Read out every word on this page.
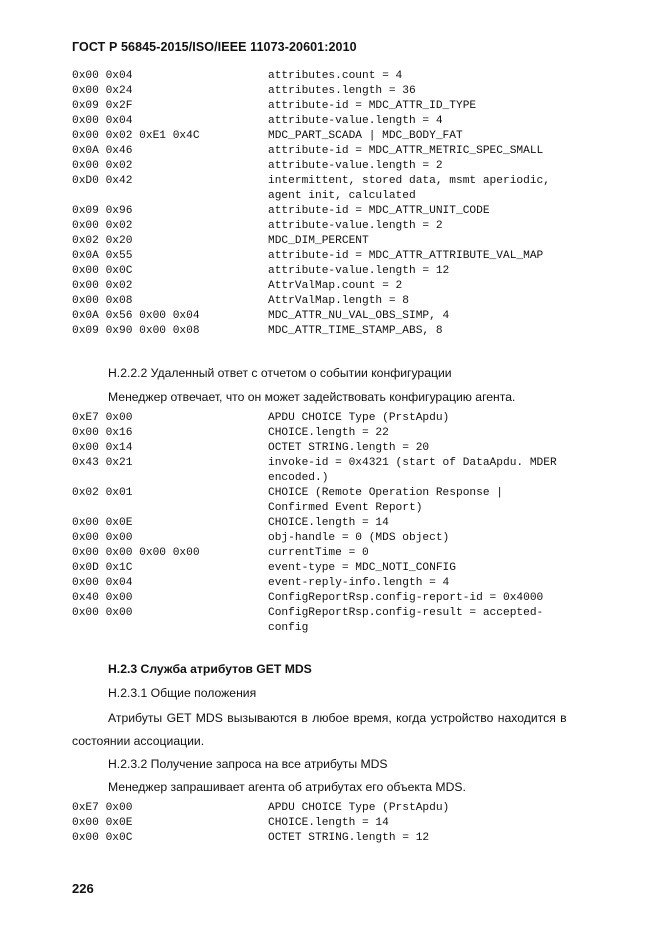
ГОСТ Р 56845-2015/ISO/IEEE 11073-20601:2010
0x00 0x04	attributes.count = 4
0x00 0x24	attributes.length = 36
0x09 0x2F	attribute-id = MDC_ATTR_ID_TYPE
0x00 0x04	attribute-value.length = 4
0x00 0x02 0xE1 0x4C	MDC_PART_SCADA | MDC_BODY_FAT
0x0A 0x46	attribute-id = MDC_ATTR_METRIC_SPEC_SMALL
0x00 0x02	attribute-value.length = 2
0xD0 0x42	intermittent, stored data, msmt aperiodic,
agent init, calculated
0x09 0x96	attribute-id = MDC_ATTR_UNIT_CODE
0x00 0x02	attribute-value.length = 2
0x02 0x20	MDC_DIM_PERCENT
0x0A 0x55	attribute-id = MDC_ATTR_ATTRIBUTE_VAL_MAP
0x00 0x0C	attribute-value.length = 12
0x00 0x02	AttrValMap.count = 2
0x00 0x08	AttrValMap.length = 8
0x0A 0x56 0x00 0x04	MDC_ATTR_NU_VAL_OBS_SIMP, 4
0x09 0x90 0x00 0x08	MDC_ATTR_TIME_STAMP_ABS, 8
H.2.2.2 Удаленный ответ с отчетом о событии конфигурации
Менеджер отвечает, что он может задействовать конфигурацию агента.
0xE7 0x00	APDU CHOICE Type (PrstApdu)
0x00 0x16	CHOICE.length = 22
0x00 0x14	OCTET STRING.length = 20
0x43 0x21	invoke-id = 0x4321 (start of DataApdu. MDER
encoded.)
0x02 0x01	CHOICE (Remote Operation Response |
Confirmed Event Report)
0x00 0x0E	CHOICE.length = 14
0x00 0x00	obj-handle = 0 (MDS object)
0x00 0x00 0x00 0x00	currentTime = 0
0x0D 0x1C	event-type = MDC_NOTI_CONFIG
0x00 0x04	event-reply-info.length = 4
0x40 0x00	ConfigReportRsp.config-report-id = 0x4000
0x00 0x00	ConfigReportRsp.config-result = accepted-
config
H.2.3 Служба атрибутов GET MDS
H.2.3.1 Общие положения
Атрибуты GET MDS вызываются в любое время, когда устройство находится в
состоянии ассоциации.
H.2.3.2 Получение запроса на все атрибуты MDS
Менеджер запрашивает агента об атрибутах его объекта MDS.
0xE7 0x00	APDU CHOICE Type (PrstApdu)
0x00 0x0E	CHOICE.length = 14
0x00 0x0C	OCTET STRING.length = 12
226
